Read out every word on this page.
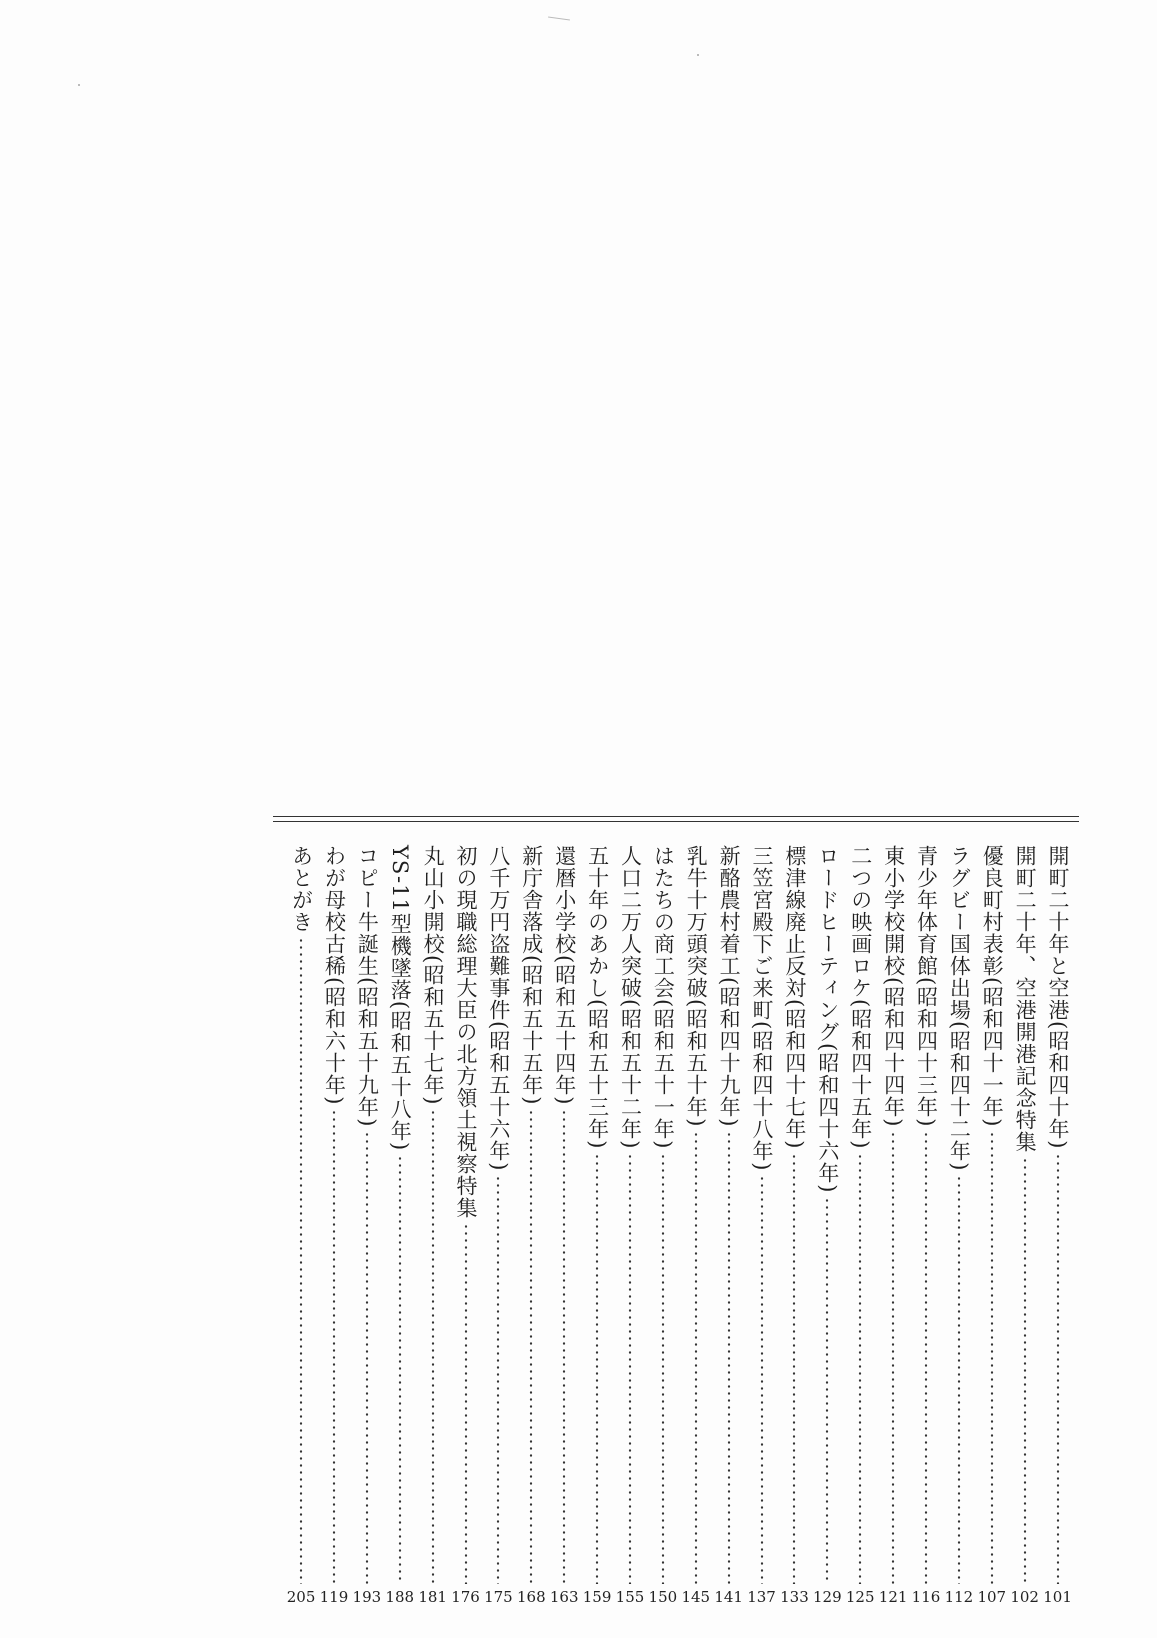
開町二十年と空港(昭和四十年)
101
開町二十年、空港開港記念特集
102
優良町村表彰(昭和四十一年)
107
ラグビー国体出場(昭和四十二年)
112
青少年体育館(昭和四十三年)
116
東小学校開校(昭和四十四年)
121
二つの映画ロケ(昭和四十五年)
125
ロードヒーティング(昭和四十六年)
129
標津線廃止反対(昭和四十七年)
133
三笠宮殿下ご来町(昭和四十八年)
137
新酪農村着工(昭和四十九年)
141
乳牛十万頭突破(昭和五十年)
145
はたちの商工会(昭和五十一年)
150
人口二万人突破(昭和五十二年)
155
五十年のあかし(昭和五十三年)
159
還暦小学校(昭和五十四年)
163
新庁舎落成(昭和五十五年)
168
八千万円盗難事件(昭和五十六年)
175
初の現職総理大臣の北方領土視察特集
176
丸山小開校(昭和五十七年)
181
YS-11型機墜落(昭和五十八年)
188
コピー牛誕生(昭和五十九年)
193
わが母校古稀(昭和六十年)
119
あとがき
205
